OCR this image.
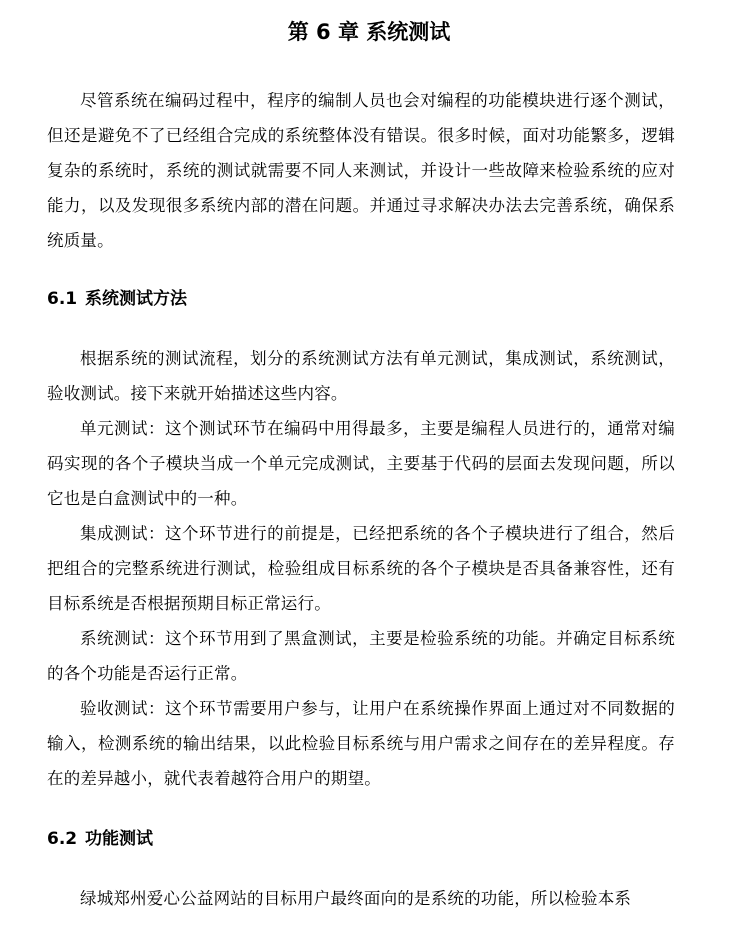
第 6 章 系统测试

尽管系统在编码过程中，程序的编制人员也会对编程的功能模块进行逐个测试，但还是避免不了已经组合完成的系统整体没有错误。很多时候，面对功能繁多，逻辑复杂的系统时，系统的测试就需要不同人来测试，并设计一些故障来检验系统的应对能力，以及发现很多系统内部的潜在问题。并通过寻求解决办法去完善系统，确保系统质量。

6.1 系统测试方法

根据系统的测试流程，划分的系统测试方法有单元测试，集成测试，系统测试，验收测试。接下来就开始描述这些内容。

单元测试：这个测试环节在编码中用得最多，主要是编程人员进行的，通常对编码实现的各个子模块当成一个单元完成测试，主要基于代码的层面去发现问题，所以它也是白盒测试中的一种。

集成测试：这个环节进行的前提是，已经把系统的各个子模块进行了组合，然后把组合的完整系统进行测试，检验组成目标系统的各个子模块是否具备兼容性，还有目标系统是否根据预期目标正常运行。

系统测试：这个环节用到了黑盒测试，主要是检验系统的功能。并确定目标系统的各个功能是否运行正常。

验收测试：这个环节需要用户参与，让用户在系统操作界面上通过对不同数据的输入，检测系统的输出结果，以此检验目标系统与用户需求之间存在的差异程度。存在的差异越小，就代表着越符合用户的期望。

6.2 功能测试

绿城郑州爱心公益网站的目标用户最终面向的是系统的功能，所以检验本系
